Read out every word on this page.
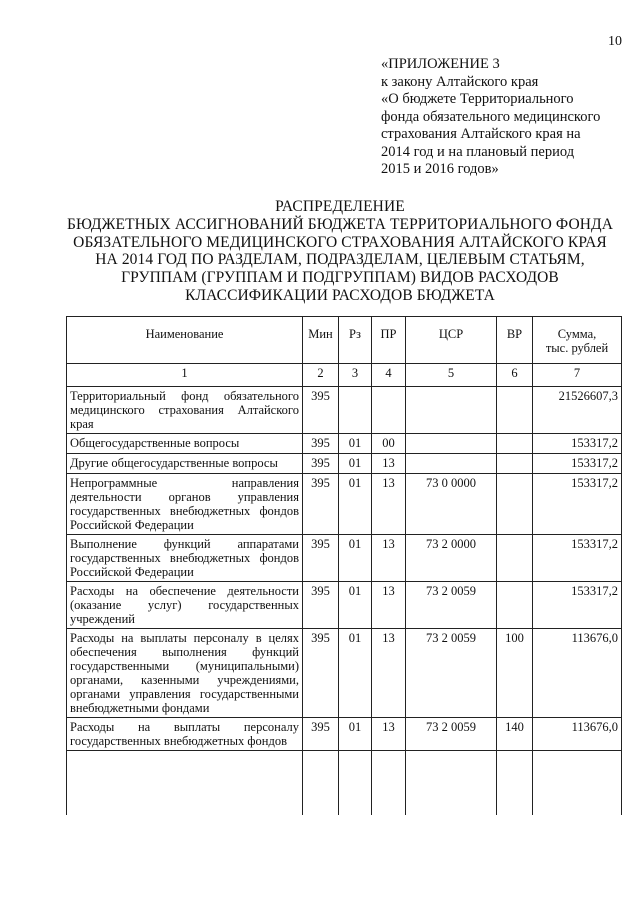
10
«ПРИЛОЖЕНИЕ 3
к закону Алтайского края
«О бюджете Территориального
фонда обязательного медицинского
страхования Алтайского края на
2014 год и на плановый период
2015 и 2016 годов»
РАСПРЕДЕЛЕНИЕ
БЮДЖЕТНЫХ АССИГНОВАНИЙ БЮДЖЕТА ТЕРРИТОРИАЛЬНОГО ФОНДА
ОБЯЗАТЕЛЬНОГО МЕДИЦИНСКОГО СТРАХОВАНИЯ АЛТАЙСКОГО КРАЯ
НА 2014 ГОД ПО РАЗДЕЛАМ, ПОДРАЗДЕЛАМ, ЦЕЛЕВЫМ СТАТЬЯМ,
ГРУППАМ (ГРУППАМ И ПОДГРУППАМ) ВИДОВ РАСХОДОВ
КЛАССИФИКАЦИИ РАСХОДОВ БЮДЖЕТА
Наименование	Мин	Рз	ПР	ЦСР	ВР	Сумма,
тыс. рублей
1	2	3	4	5	6	7
Территориальный фонд обязательного медицинского страхования Алтайского края	395					21526607,3
Общегосударственные вопросы	395	01	00			153317,2
Другие общегосударственные вопросы	395	01	13			153317,2
Непрограммные направления деятельности органов управления государственных внебюджетных фондов Российской Федерации	395	01	13	73 0 0000		153317,2
Выполнение функций аппаратами государственных внебюджетных фондов Российской Федерации	395	01	13	73 2 0000		153317,2
Расходы на обеспечение деятельности (оказание услуг) государственных учреждений	395	01	13	73 2 0059		153317,2
Расходы на выплаты персоналу в целях обеспечения выполнения функций государственными (муниципальными) органами, казенными учреждениями, органами управления государственными внебюджетными фондами	395	01	13	73 2 0059	100	113676,0
Расходы на выплаты персоналу государственных внебюджетных фондов	395	01	13	73 2 0059	140	113676,0
